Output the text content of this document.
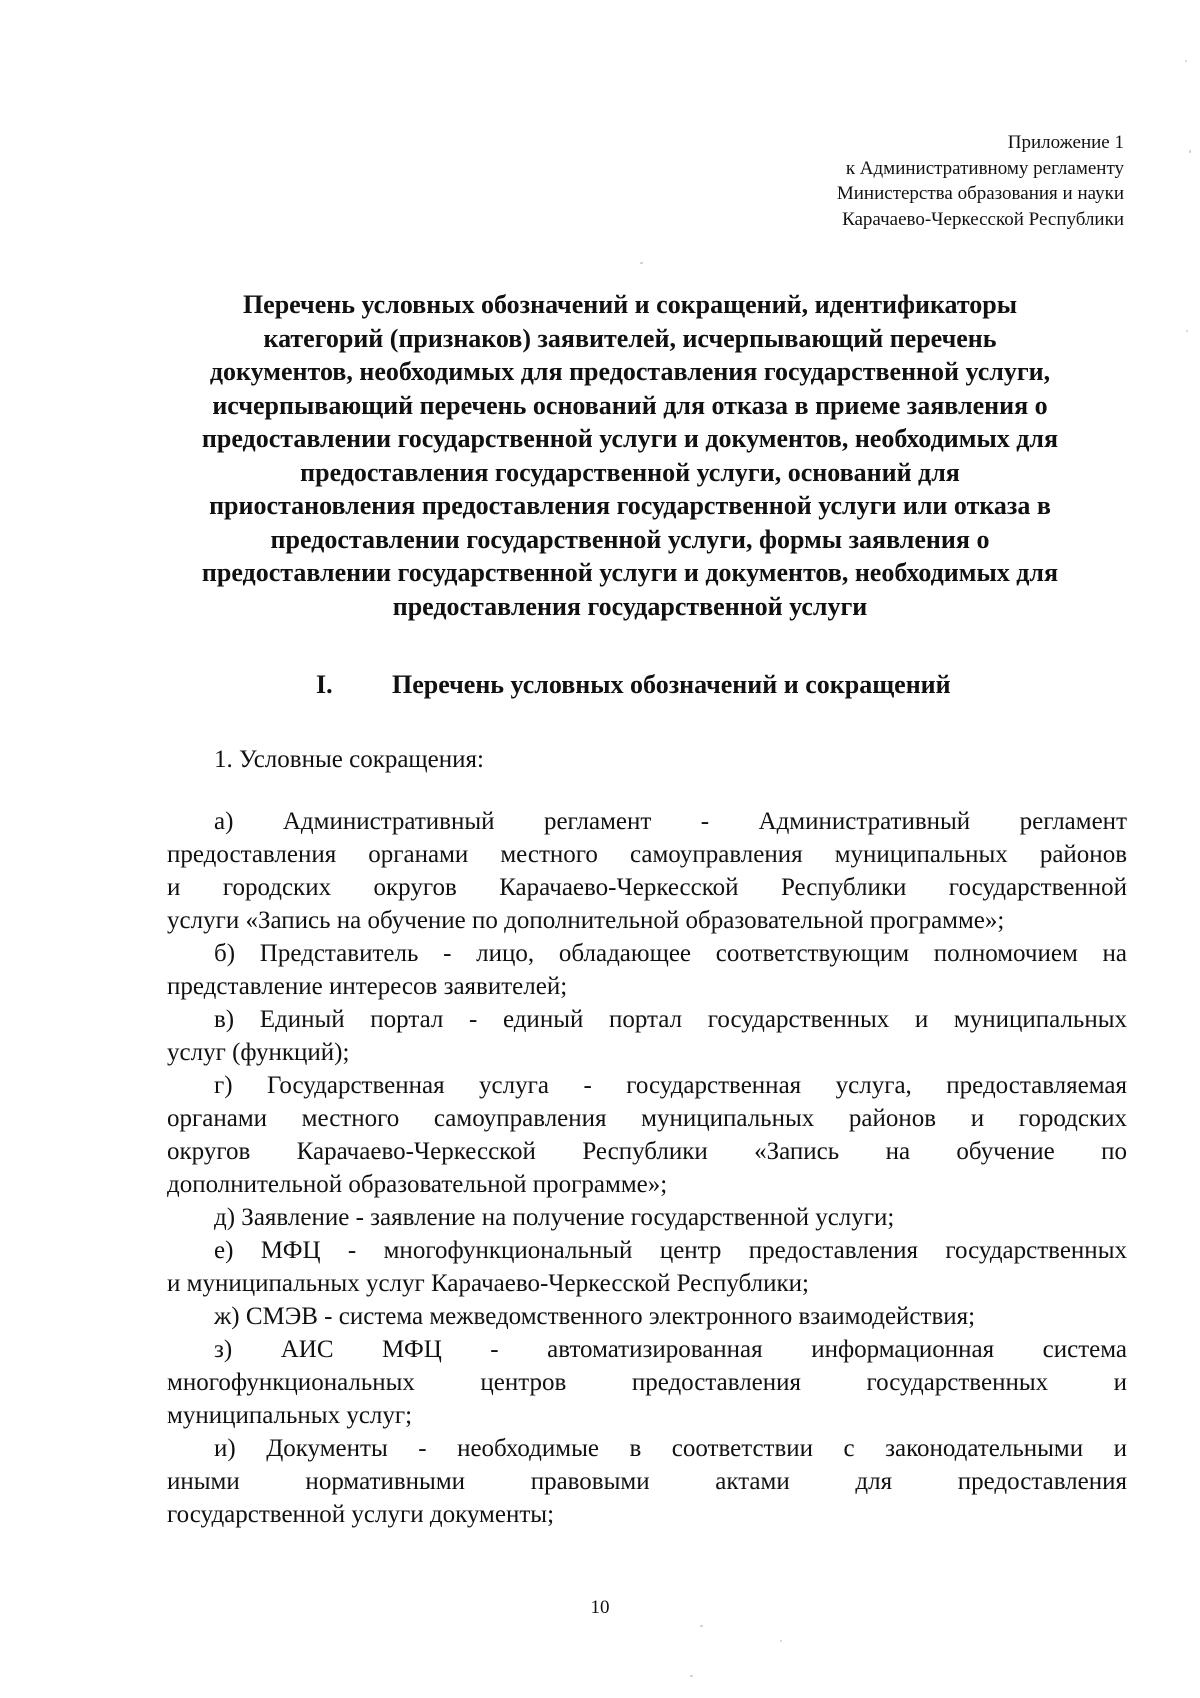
Приложение 1
к Административному регламенту
Министерства образования и науки
Карачаево-Черкесской Республики
Перечень условных обозначений и сокращений, идентификаторы
категорий (признаков) заявителей, исчерпывающий перечень
документов, необходимых для предоставления государственной услуги,
исчерпывающий перечень оснований для отказа в приеме заявления о
предоставлении государственной услуги и документов, необходимых для
предоставления государственной услуги, оснований для
приостановления предоставления государственной услуги или отказа в
предоставлении государственной услуги, формы заявления о
предоставлении государственной услуги и документов, необходимых для
предоставления государственной услуги
I. Перечень условных обозначений и сокращений
1. Условные сокращения:
а) Административный регламент - Административный регламент
предоставления органами местного самоуправления муниципальных районов
и городских округов Карачаево-Черкесской Республики государственной
услуги «Запись на обучение по дополнительной образовательной программе»;
б) Представитель - лицо, обладающее соответствующим полномочием на
представление интересов заявителей;
в) Единый портал - единый портал государственных и муниципальных
услуг (функций);
г) Государственная услуга - государственная услуга, предоставляемая
органами местного самоуправления муниципальных районов и городских
округов Карачаево-Черкесской Республики «Запись на обучение по
дополнительной образовательной программе»;
д) Заявление - заявление на получение государственной услуги;
е) МФЦ - многофункциональный центр предоставления государственных
и муниципальных услуг Карачаево-Черкесской Республики;
ж) СМЭВ - система межведомственного электронного взаимодействия;
з) АИС МФЦ - автоматизированная информационная система
многофункциональных центров предоставления государственных и
муниципальных услуг;
и) Документы - необходимые в соответствии с законодательными и
иными нормативными правовыми актами для предоставления
государственной услуги документы;
10
